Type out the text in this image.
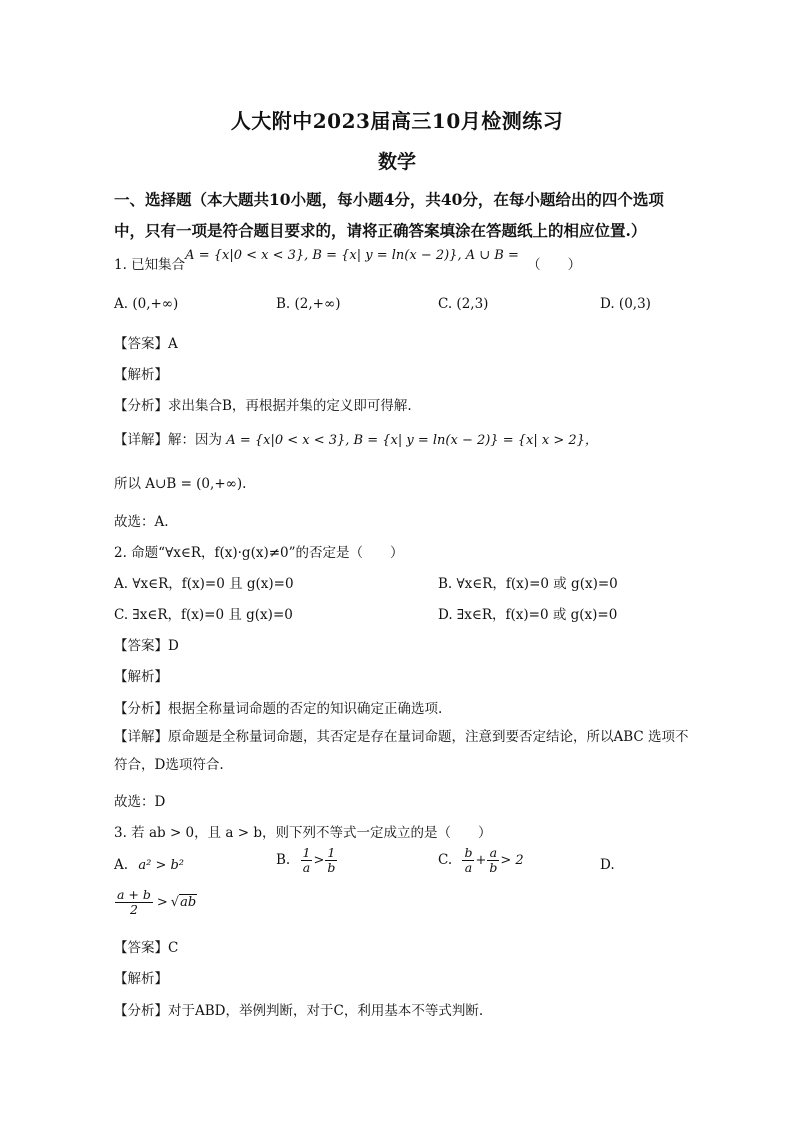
人大附中2023届高三10月检测练习
数学
一、选择题（本大题共10小题，每小题4分，共40分，在每小题给出的四个选项中，只有一项是符合题目要求的，请将正确答案填涂在答题纸上的相应位置.）
1. 已知集合A = {x|0 < x < 3}, B = {x| y = ln(x − 2)}, A ∪ B = （　　）
A. (0,+∞)	B. (2,+∞)	C. (2,3)	D. (0,3)
【答案】A
【解析】
【分析】求出集合B，再根据并集的定义即可得解.
【详解】解：因为 A = {x|0 < x < 3}, B = {x| y = ln(x − 2)} = {x| x > 2}，
所以 A∪B = (0,+∞).
故选：A.
2. 命题“∀x∈R，f(x)·g(x)≠0”的否定是（　　）
A. ∀x∈R，f(x)=0 且 g(x)=0	B. ∀x∈R，f(x)=0 或 g(x)=0
C. ∃x∈R，f(x)=0 且 g(x)=0	D. ∃x∈R，f(x)=0 或 g(x)=0
【答案】D
【解析】
【分析】根据全称量词命题的否定的知识确定正确选项.
【详解】原命题是全称量词命题，其否定是存在量词命题，注意到要否定结论，所以ABC 选项不符合，D选项符合.
故选：D
3. 若 ab > 0，且 a > b，则下列不等式一定成立的是（　　）
A. a² > b²	B. $\frac{1}{a} > \frac{1}{b}$	C. $\frac{b}{a} + \frac{a}{b} > 2$	D.
$\frac{a + b}{2} > √ab$
【答案】C
【解析】
【分析】对于ABD，举例判断，对于C，利用基本不等式判断.
